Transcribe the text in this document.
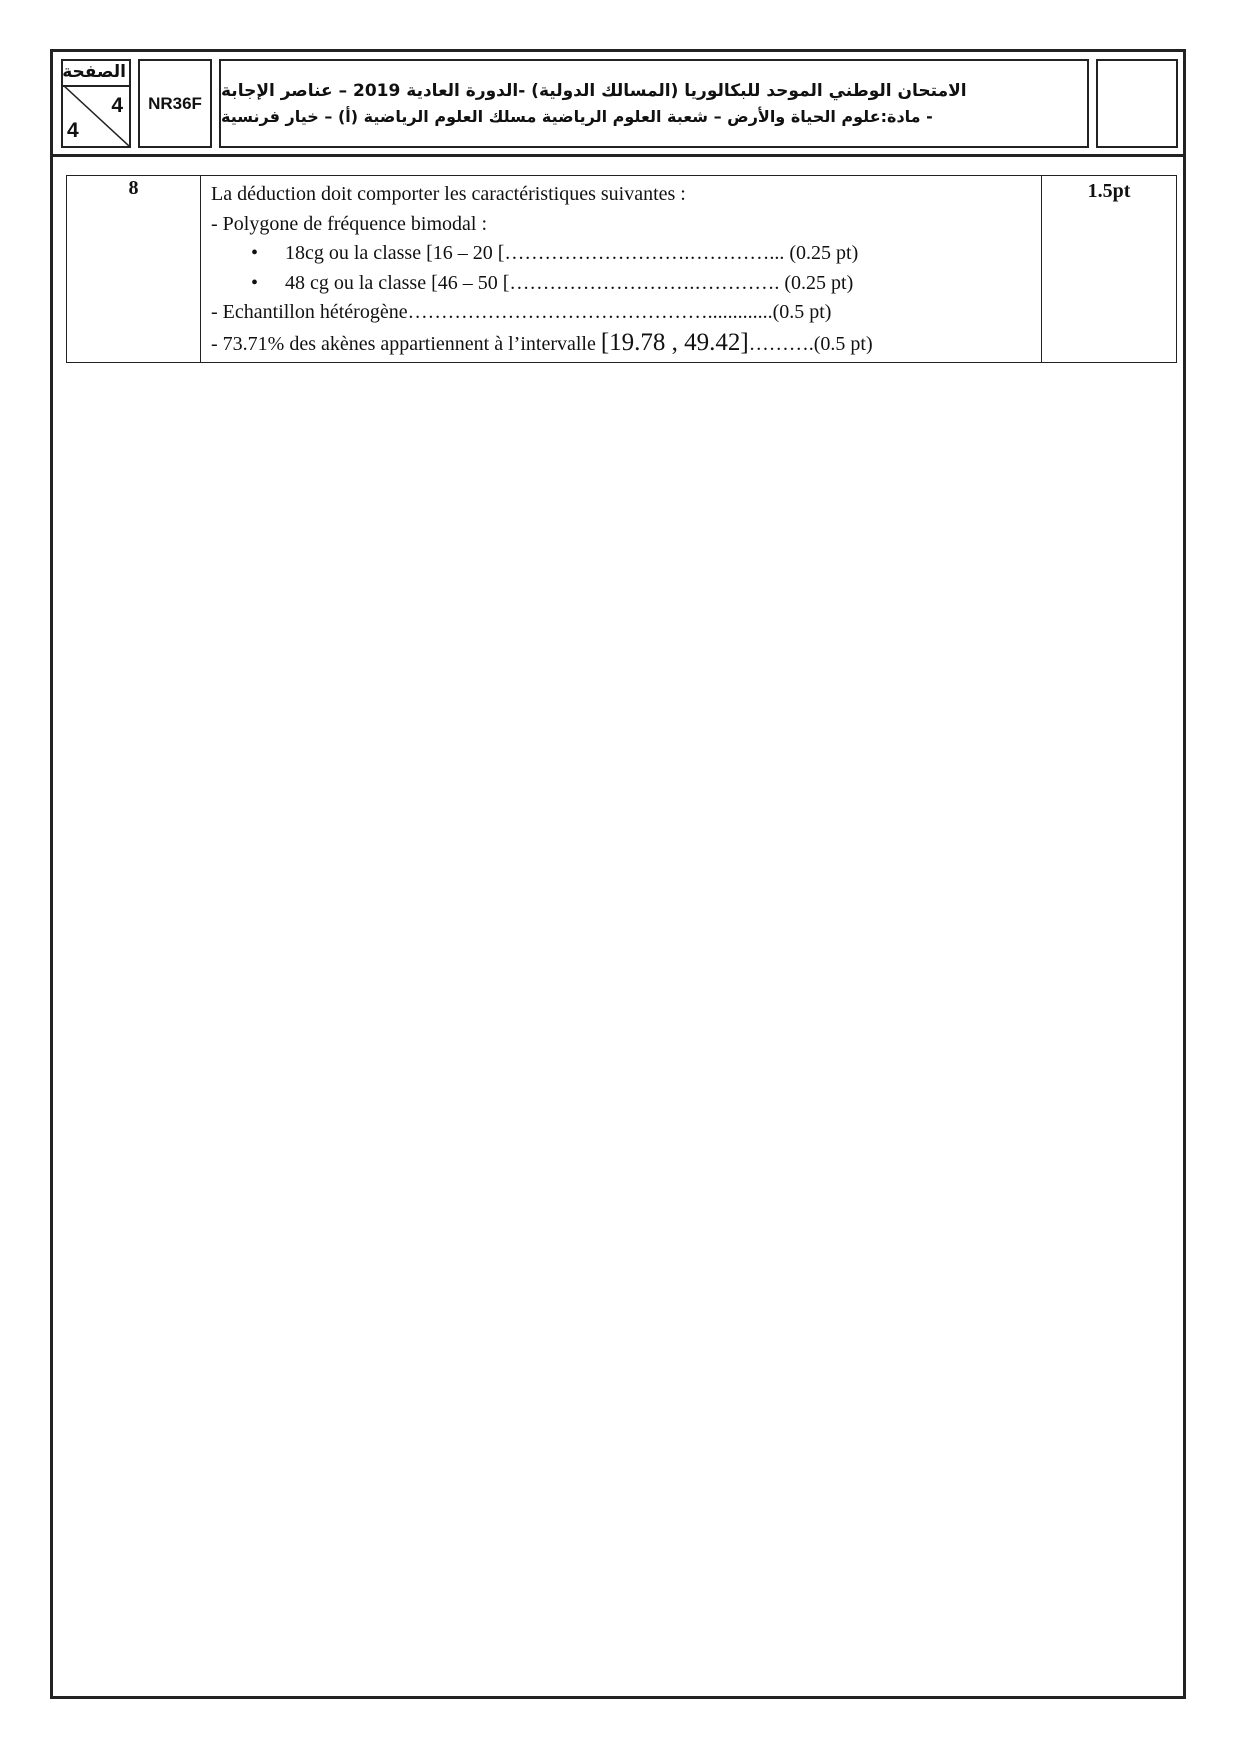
الصفحة
4
4
NR36F
الامتحان الوطني الموحد للبكالوريا (المسالك الدولية) -الدورة العادية 2019 – عناصر الإجابة
- مادة:علوم الحياة والأرض – شعبة العلوم الرياضية مسلك العلوم الرياضية (أ) – خيار فرنسية
8	La déduction doit comporter les caractéristiques suivantes :
- Polygone de fréquence bimodal :
• 18cg ou la classe [16 – 20 [……………………….…………... (0.25 pt)
• 48 cg ou la classe [46 – 50 [……………………….…………. (0.25 pt)
- Echantillon hétérogène……………………………………….............(0.5 pt)
- 73.71% des akènes appartiennent à l’intervalle [19.78 , 49.42]……….(0.5 pt)
	1.5pt
